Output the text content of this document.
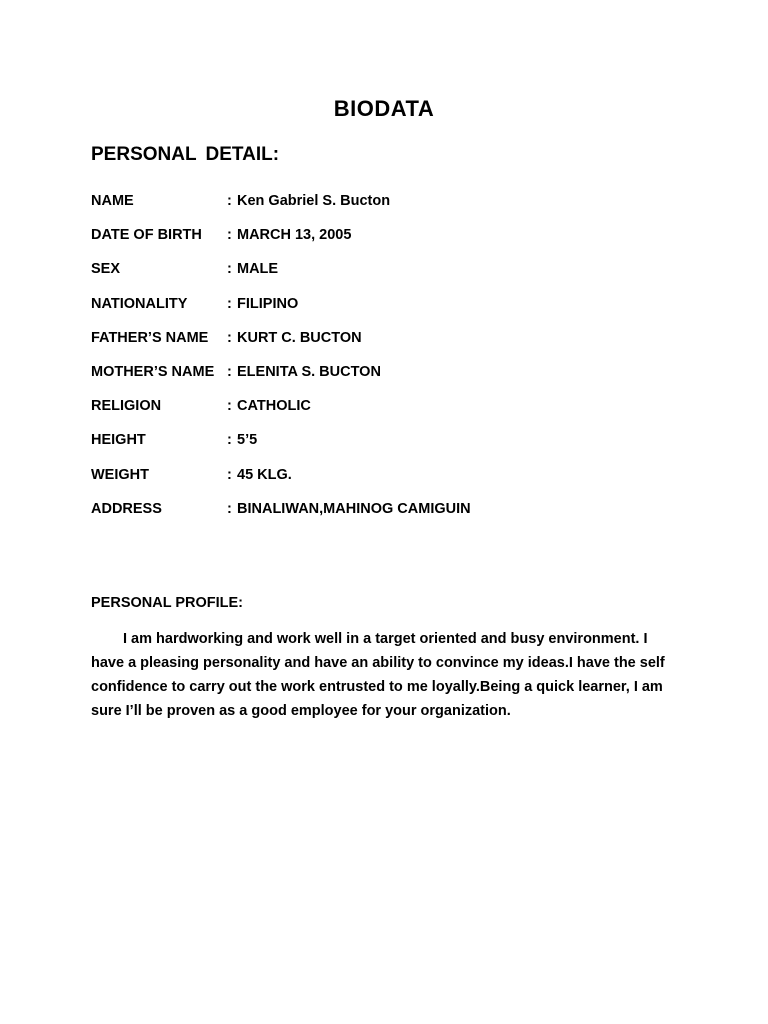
BIODATA
PERSONAL DETAIL:
NAME	: Ken Gabriel S. Bucton
DATE OF BIRTH	: MARCH 13, 2005
SEX	: MALE
NATIONALITY	: FILIPINO
FATHER’S NAME	: KURT C. BUCTON
MOTHER’S NAME : ELENITA S. BUCTON
RELIGION	: CATHOLIC
HEIGHT	: 5’5
WEIGHT	: 45 KLG.
ADDRESS	: BINALIWAN,MAHINOG CAMIGUIN
PERSONAL PROFILE:

I am hardworking and work well in a target oriented and busy environment. I have a pleasing personality and have an ability to convince my ideas.I have the self confidence to carry out the work entrusted to me loyally.Being a quick learner, I am sure I’ll be proven as a good employee for your organization.
